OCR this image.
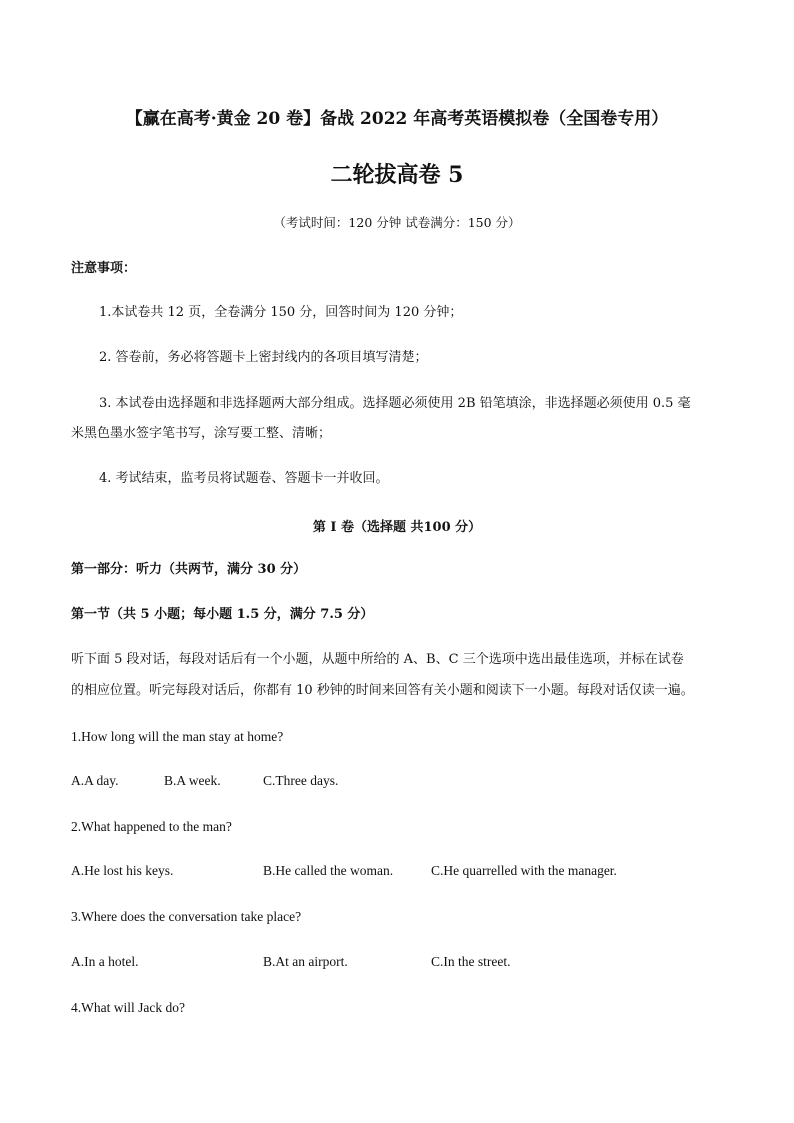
【赢在高考·黄金 20 卷】备战 2022 年高考英语模拟卷（全国卷专用）
二轮拔高卷 5
（考试时间：120 分钟 试卷满分：150 分）
注意事项：
1.本试卷共 12 页，全卷满分 150 分，回答时间为 120 分钟；
2. 答卷前，务必将答题卡上密封线内的各项目填写清楚；
3. 本试卷由选择题和非选择题两大部分组成。选择题必须使用 2B 铅笔填涂，非选择题必须使用 0.5 毫
米黑色墨水签字笔书写，涂写要工整、清晰；
4. 考试结束，监考员将试题卷、答题卡一并收回。
第 I 卷（选择题 共100 分）
第一部分：听力（共两节，满分 30 分）
第一节（共 5 小题；每小题 1.5 分，满分 7.5 分）
听下面 5 段对话，每段对话后有一个小题，从题中所给的 A、B、C 三个选项中选出最佳选项，并标在试卷
的相应位置。听完每段对话后，你都有 10 秒钟的时间来回答有关小题和阅读下一小题。每段对话仅读一遍。
1.How long will the man stay at home?
A.A day.	B.A week.	C.Three days.
2.What happened to the man?
A.He lost his keys.	B.He called the woman.	C.He quarrelled with the manager.
3.Where does the conversation take place?
A.In a hotel.	B.At an airport.	C.In the street.
4.What will Jack do?
